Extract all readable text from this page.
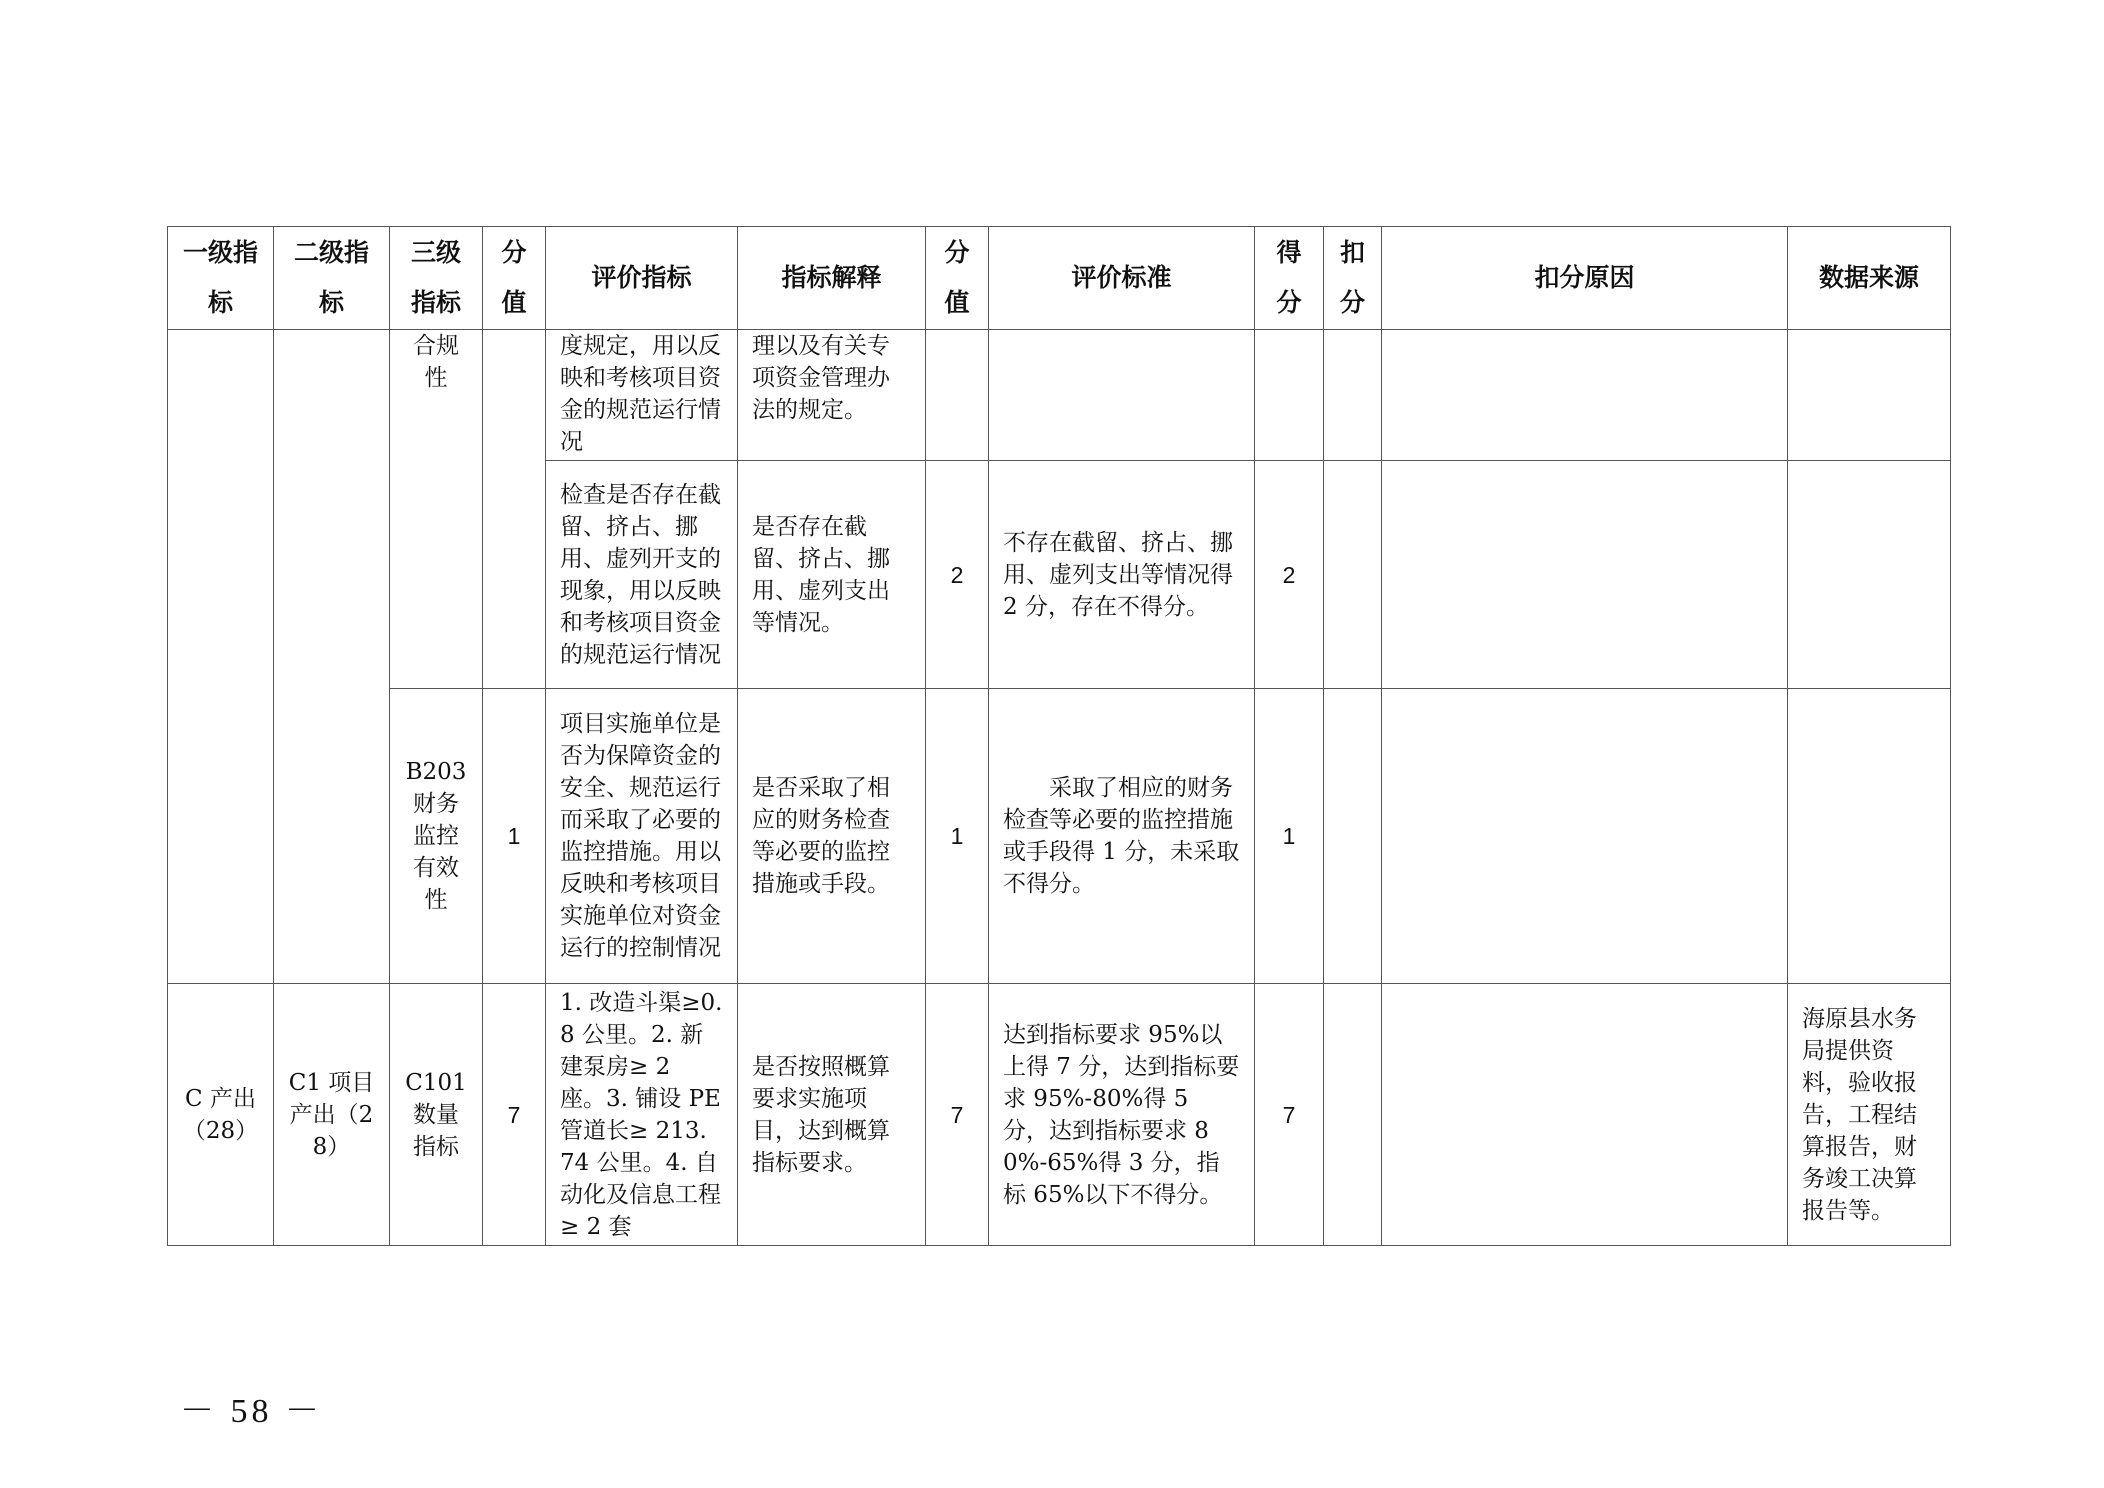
一级指标	二级指标	三级指标	分值	评价指标	指标解释	分值	评价标准	得分	扣分	扣分原因	数据来源
		合规性		度规定，用以反映和考核项目资金的规范运行情况	理以及有关专项资金管理办法的规定。						
				检查是否存在截留、挤占、挪用、虚列开支的现象，用以反映和考核项目资金的规范运行情况	是否存在截留、挤占、挪用、虚列支出等情况。	2	不存在截留、挤占、挪用、虚列支出等情况得 2 分，存在不得分。	2			
		B203 财务监控有效性	1	项目实施单位是否为保障资金的安全、规范运行而采取了必要的监控措施。用以反映和考核项目实施单位对资金运行的控制情况	是否采取了相应的财务检查等必要的监控措施或手段。	1	采取了相应的财务检查等必要的监控措施或手段得 1 分，未采取不得分。	1			
C 产出（28）	C1 项目产出（28）	C101 数量指标	7	1. 改造斗渠≥0. 8 公里。2. 新建泵房≥ 2 座。3. 铺设 PE 管道长≥ 213. 74 公里。4. 自动化及信息工程≥ 2 套	是否按照概算要求实施项目，达到概算指标要求。	7	达到指标要求 95%以上得 7 分，达到指标要求 95%-80%得 5 分，达到指标要求 80%-65%得 3 分，指标 65%以下不得分。	7			海原县水务局提供资料，验收报告，工程结算报告，财务竣工决算报告等。
－ 58 －
